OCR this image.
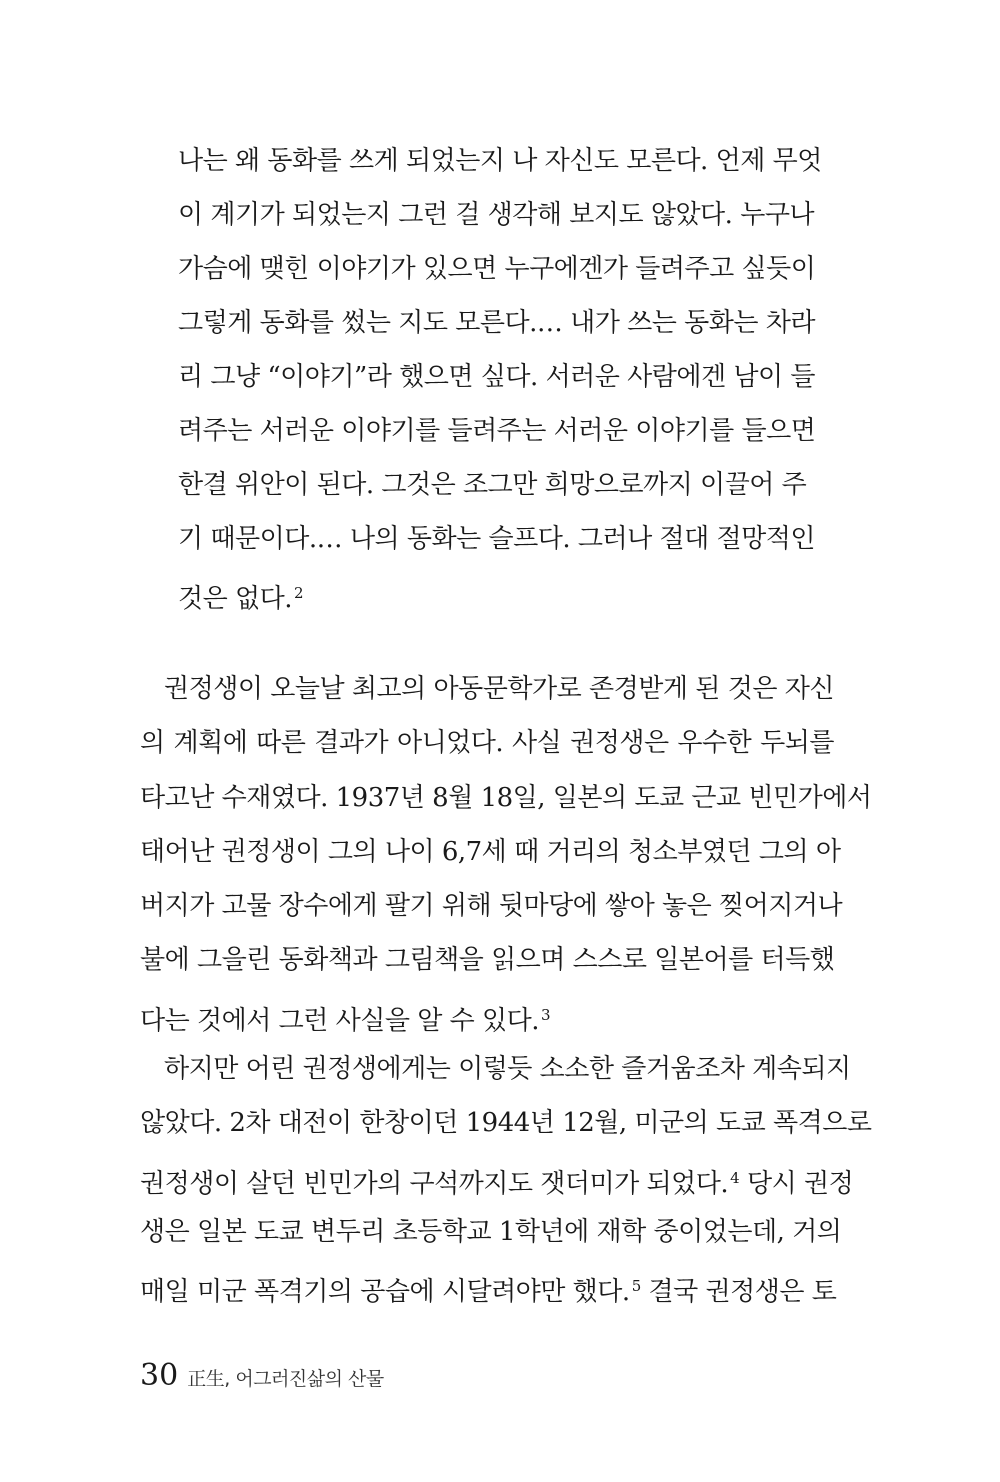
나는 왜 동화를 쓰게 되었는지 나 자신도 모른다. 언제 무엇
이 계기가 되었는지 그런 걸 생각해 보지도 않았다. 누구나
가슴에 맺힌 이야기가 있으면 누구에겐가 들려주고 싶듯이
그렇게 동화를 썼는 지도 모른다.… 내가 쓰는 동화는 차라
리 그냥 “이야기”라 했으면 싶다. 서러운 사람에겐 남이 들
려주는 서러운 이야기를 들려주는 서러운 이야기를 들으면
한결 위안이 된다. 그것은 조그만 희망으로까지 이끌어 주
기 때문이다.… 나의 동화는 슬프다. 그러나 절대 절망적인
것은 없다. $^2$
권정생이 오늘날 최고의 아동문학가로 존경받게 된 것은 자신
의 계획에 따른 결과가 아니었다. 사실 권정생은 우수한 두뇌를
타고난 수재였다. 1937년 8월 18일, 일본의 도쿄 근교 빈민가에서
태어난 권정생이 그의 나이 6,7세 때 거리의 청소부였던 그의 아
버지가 고물 장수에게 팔기 위해 뒷마당에 쌓아 놓은 찢어지거나
불에 그을린 동화책과 그림책을 읽으며 스스로 일본어를 터득했
다는 것에서 그런 사실을 알 수 있다. $^3$
하지만 어린 권정생에게는 이렇듯 소소한 즐거움조차 계속되지
않았다. 2차 대전이 한창이던 1944년 12월, 미군의 도쿄 폭격으로
권정생이 살던 빈민가의 구석까지도 잿더미가 되었다. $^4$ 당시 권정
생은 일본 도쿄 변두리 초등학교 1학년에 재학 중이었는데, 거의
매일 미군 폭격기의 공습에 시달려야만 했다. $^5$ 결국 권정생은 토
30 正生, 어그러진삶의 산물
